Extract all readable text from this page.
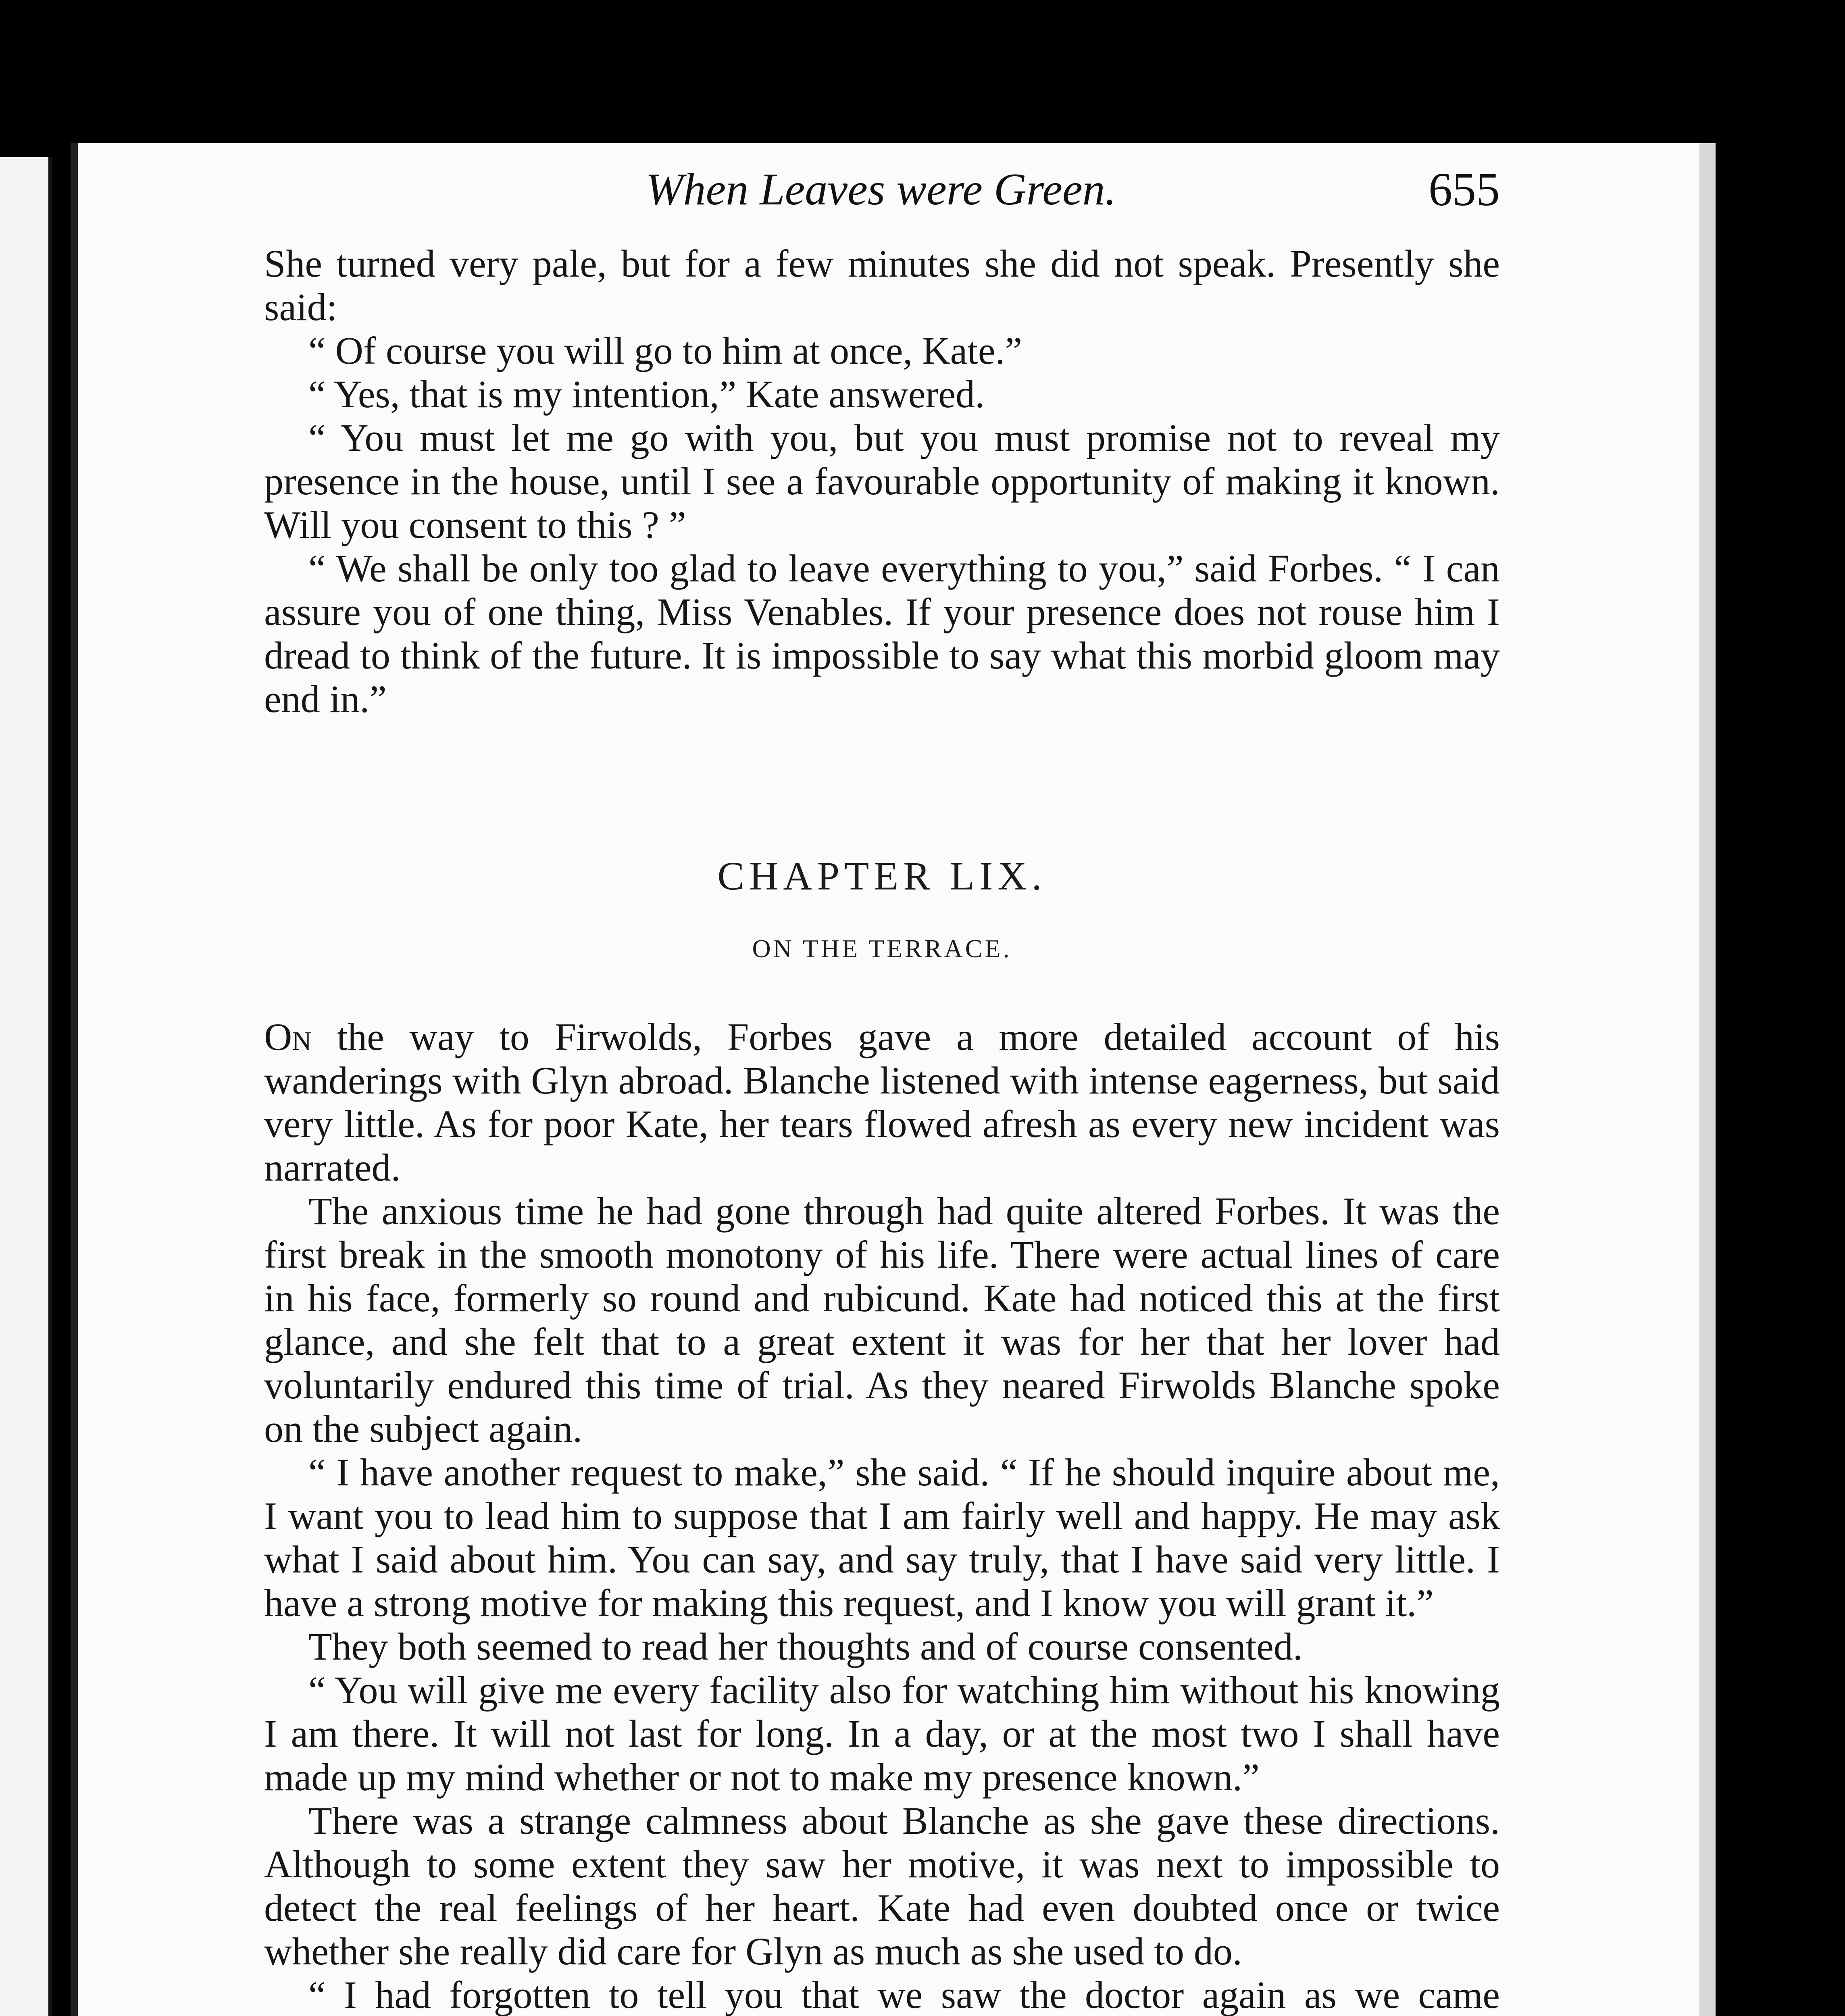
When Leaves were Green.	655

She turned very pale, but for a few minutes she did not speak. Presently she said:

“ Of course you will go to him at once, Kate.”

“ Yes, that is my intention,” Kate answered.

“ You must let me go with you, but you must promise not to reveal my presence in the house, until I see a favourable opportunity of making it known. Will you consent to this ? ”

“ We shall be only too glad to leave everything to you,” said Forbes. “ I can assure you of one thing, Miss Venables. If your presence does not rouse him I dread to think of the future. It is impossible to say what this morbid gloom may end in.”

CHAPTER LIX.
ON THE TERRACE.

On the way to Firwolds, Forbes gave a more detailed account of his wanderings with Glyn abroad. Blanche listened with intense eagerness, but said very little. As for poor Kate, her tears flowed afresh as every new incident was narrated.

The anxious time he had gone through had quite altered Forbes. It was the first break in the smooth monotony of his life. There were actual lines of care in his face, formerly so round and rubicund. Kate had noticed this at the first glance, and she felt that to a great extent it was for her that her lover had voluntarily endured this time of trial. As they neared Firwolds Blanche spoke on the subject again.

“ I have another request to make,” she said. “ If he should inquire about me, I want you to lead him to suppose that I am fairly well and happy. He may ask what I said about him. You can say, and say truly, that I have said very little. I have a strong motive for making this request, and I know you will grant it.”

They both seemed to read her thoughts and of course consented.

“ You will give me every facility also for watching him without his knowing I am there. It will not last for long. In a day, or at the most two I shall have made up my mind whether or not to make my presence known.”

There was a strange calmness about Blanche as she gave these directions. Although to some extent they saw her motive, it was next to impossible to detect the real feelings of her heart. Kate had even doubted once or twice whether she really did care for Glyn as much as she used to do.

“ I had forgotten to tell you that we saw the doctor again as we came
